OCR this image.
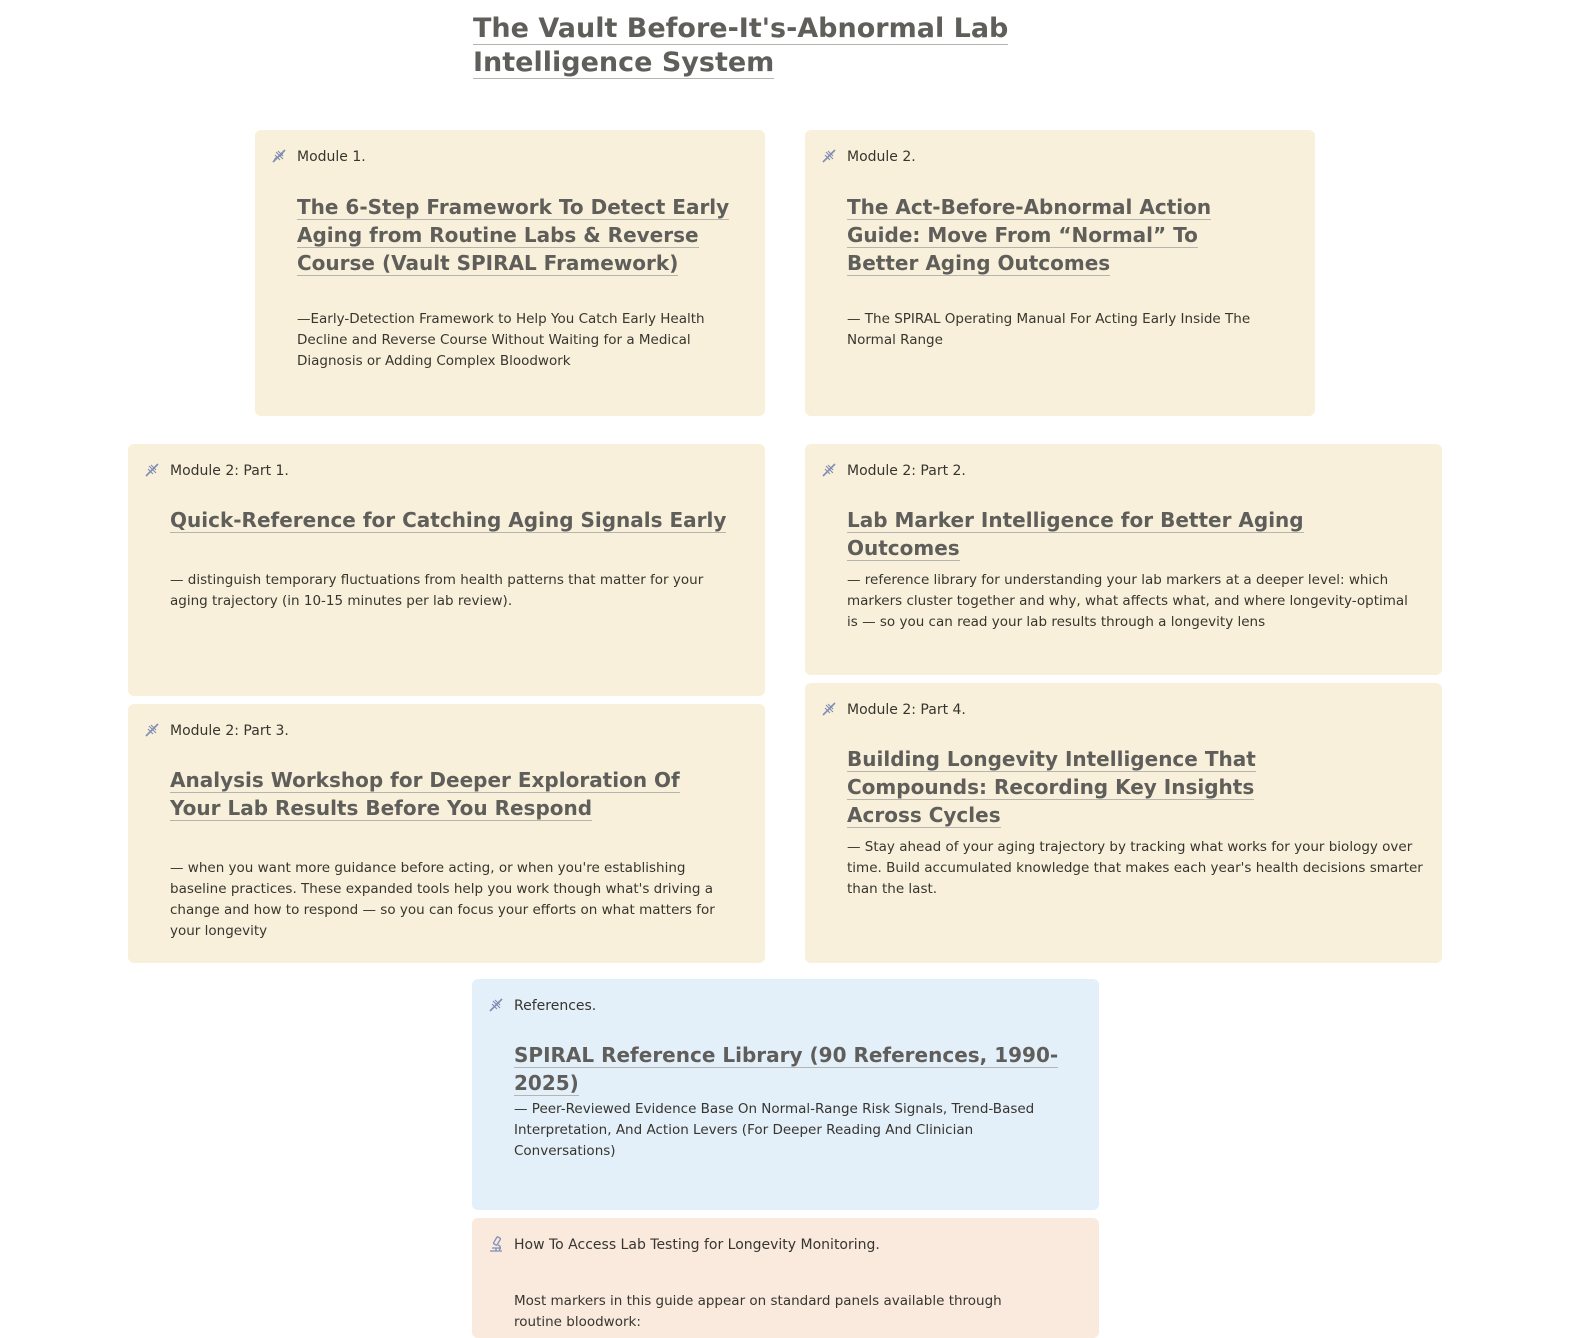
The Vault Before-It's-Abnormal Lab Intelligence System
Module 1.
The 6-Step Framework To Detect Early Aging from Routine Labs & Reverse Course (Vault SPIRAL Framework)
—Early-Detection Framework to Help You Catch Early Health Decline and Reverse Course Without Waiting for a Medical Diagnosis or Adding Complex Bloodwork
Module 2.
The Act-Before-Abnormal Action Guide: Move From “Normal” To Better Aging Outcomes
— The SPIRAL Operating Manual For Acting Early Inside The Normal Range
Module 2: Part 1.
Quick-Reference for Catching Aging Signals Early
— distinguish temporary fluctuations from health patterns that matter for your aging trajectory (in 10-15 minutes per lab review).
Module 2: Part 2.
Lab Marker Intelligence for Better Aging Outcomes
— reference library for understanding your lab markers at a deeper level: which markers cluster together and why, what affects what, and where longevity-optimal is — so you can read your lab results through a longevity lens
Module 2: Part 3.
Analysis Workshop for Deeper Exploration Of Your Lab Results Before You Respond
— when you want more guidance before acting, or when you're establishing baseline practices. These expanded tools help you work though what's driving a change and how to respond — so you can focus your efforts on what matters for your longevity
Module 2: Part 4.
Building Longevity Intelligence That Compounds: Recording Key Insights Across Cycles
— Stay ahead of your aging trajectory by tracking what works for your biology over time. Build accumulated knowledge that makes each year's health decisions smarter than the last.
References.
SPIRAL Reference Library (90 References, 1990-2025)
— Peer-Reviewed Evidence Base On Normal-Range Risk Signals, Trend-Based Interpretation, And Action Levers (For Deeper Reading And Clinician Conversations)
How To Access Lab Testing for Longevity Monitoring.
Most markers in this guide appear on standard panels available through routine bloodwork:
